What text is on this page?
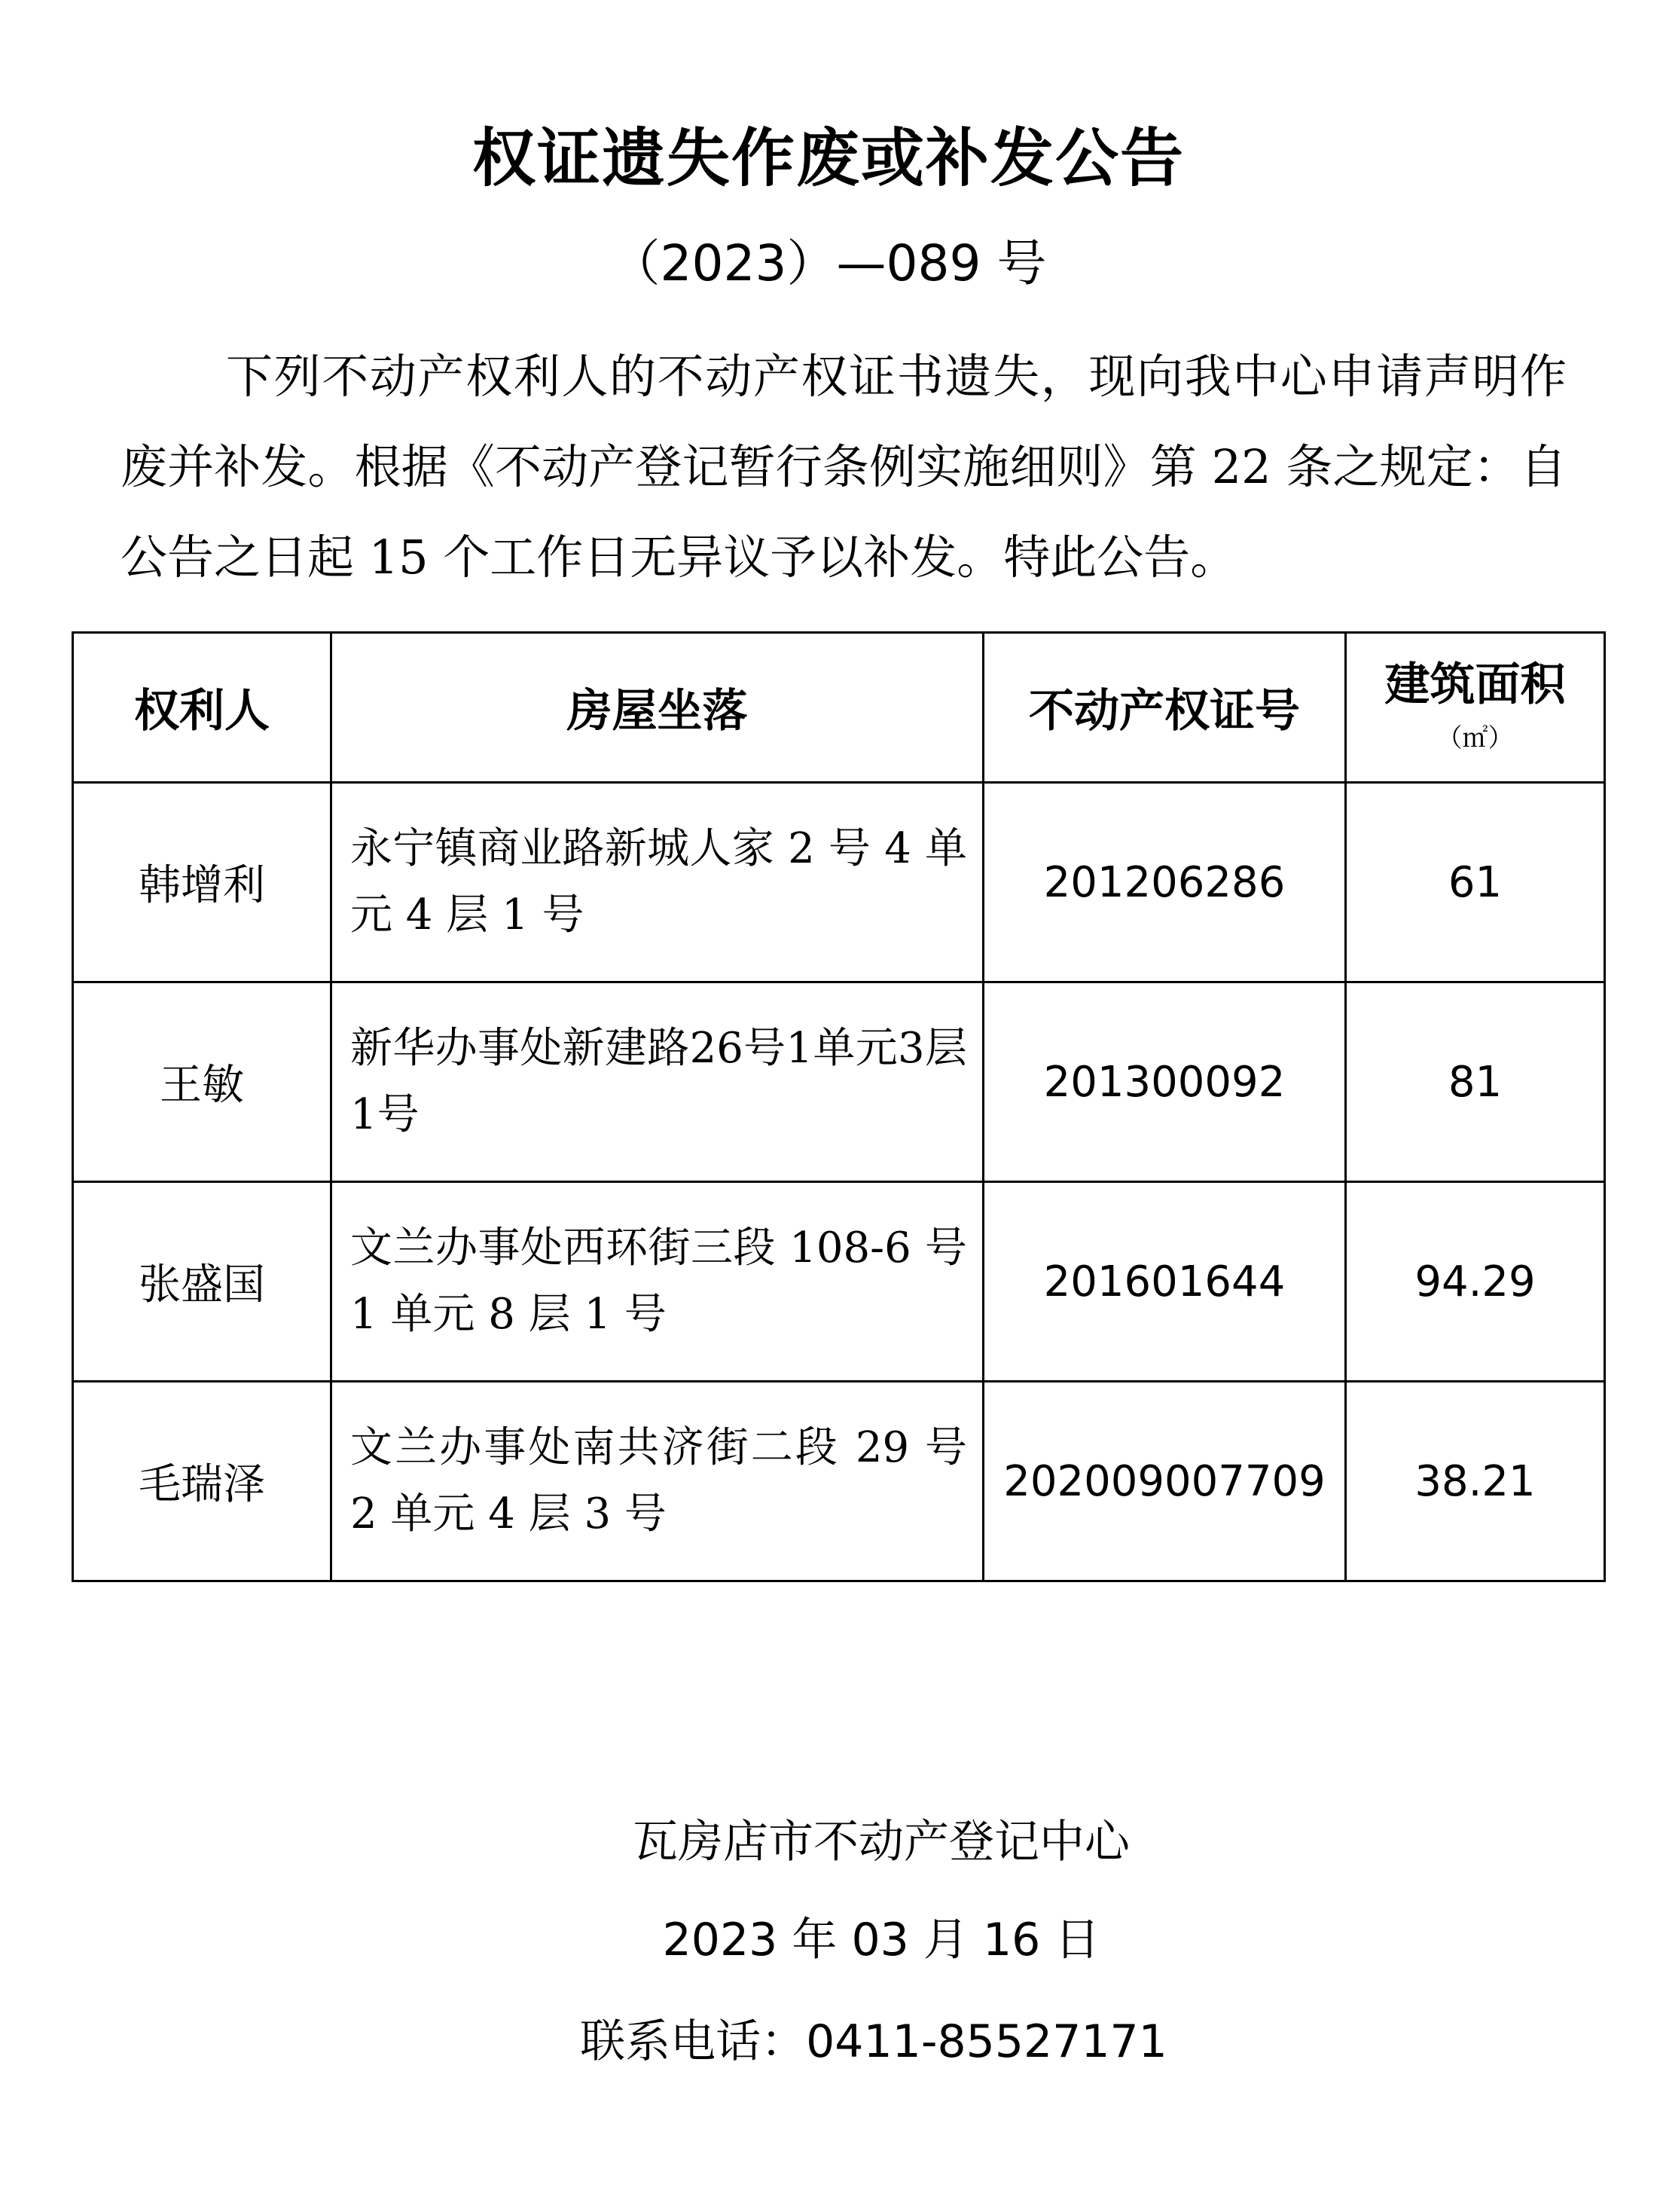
权证遗失作废或补发公告
（2023）—089 号

下列不动产权利人的不动产权证书遗失，现向我中心申请声明作废并补发。根据《不动产登记暂行条例实施细则》第 22 条之规定：自公告之日起 15 个工作日无异议予以补发。特此公告。

权利人	房屋坐落	不动产权证号	建筑面积
（㎡）

韩增利	永宁镇商业路新城人家 2 号 4 单元 4 层 1 号	201206286	61
王敏	新华办事处新建路26号1单元3层1号	201300092	81
张盛国	文兰办事处西环街三段 108-6 号 1 单元 8 层 1 号	201601644	94.29
毛瑞泽	文兰办事处南共济街二段 29 号 2 单元 4 层 3 号	202009007709	38.21
瓦房店市不动产登记中心
2023 年 03 月 16 日
联系电话：0411-85527171
